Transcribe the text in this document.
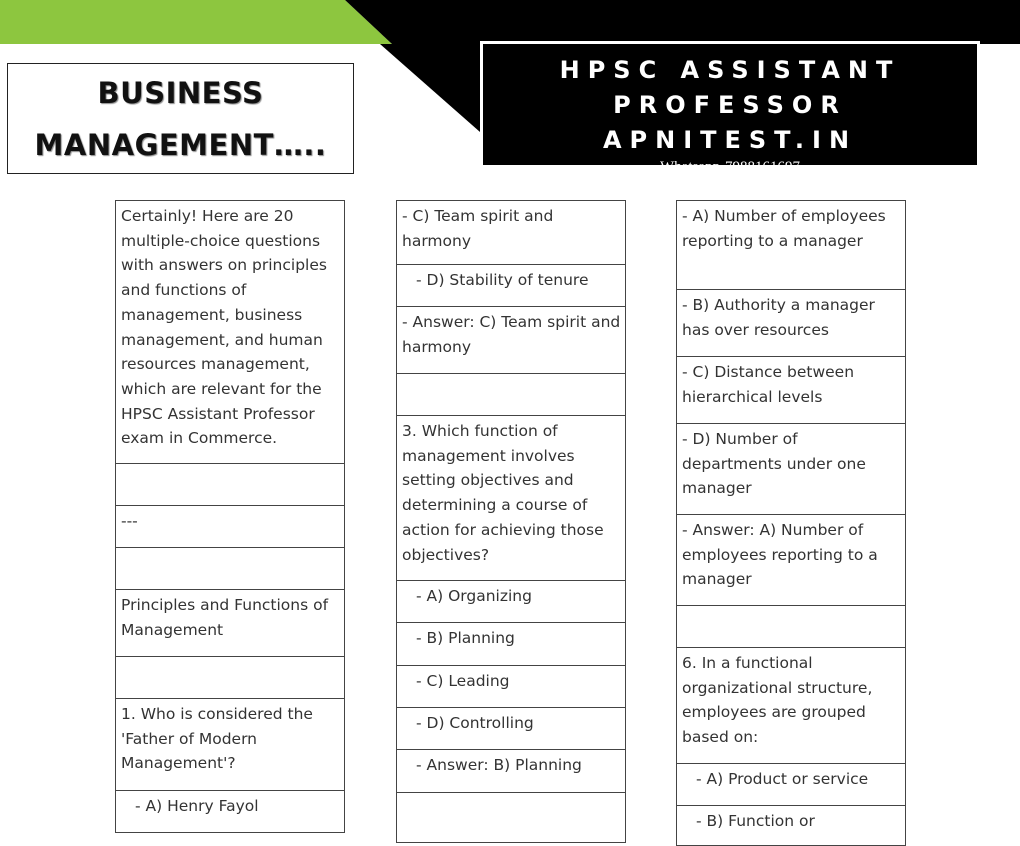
BUSINESS
MANAGEMENT…..
HPSC ASSISTANT
PROFESSOR
APNITEST.IN
Whatsapp-7988161697
Certainly! Here are 20 multiple-choice questions with answers on principles and functions of management, business management, and human resources management, which are relevant for the HPSC Assistant Professor exam in Commerce.
---
Principles and Functions of Management
1. Who is considered the 'Father of Modern Management'?
- A) Henry Fayol
- C) Team spirit and harmony
- D) Stability of tenure
- Answer: C) Team spirit and harmony
3. Which function of management involves setting objectives and determining a course of action for achieving those objectives?
- A) Organizing
- B) Planning
- C) Leading
- D) Controlling
- Answer: B) Planning
- A) Number of employees reporting to a manager
- B) Authority a manager has over resources
- C) Distance between hierarchical levels
- D) Number of departments under one manager
- Answer: A) Number of employees reporting to a manager
6. In a functional organizational structure, employees are grouped based on:
- A) Product or service
- B) Function or
